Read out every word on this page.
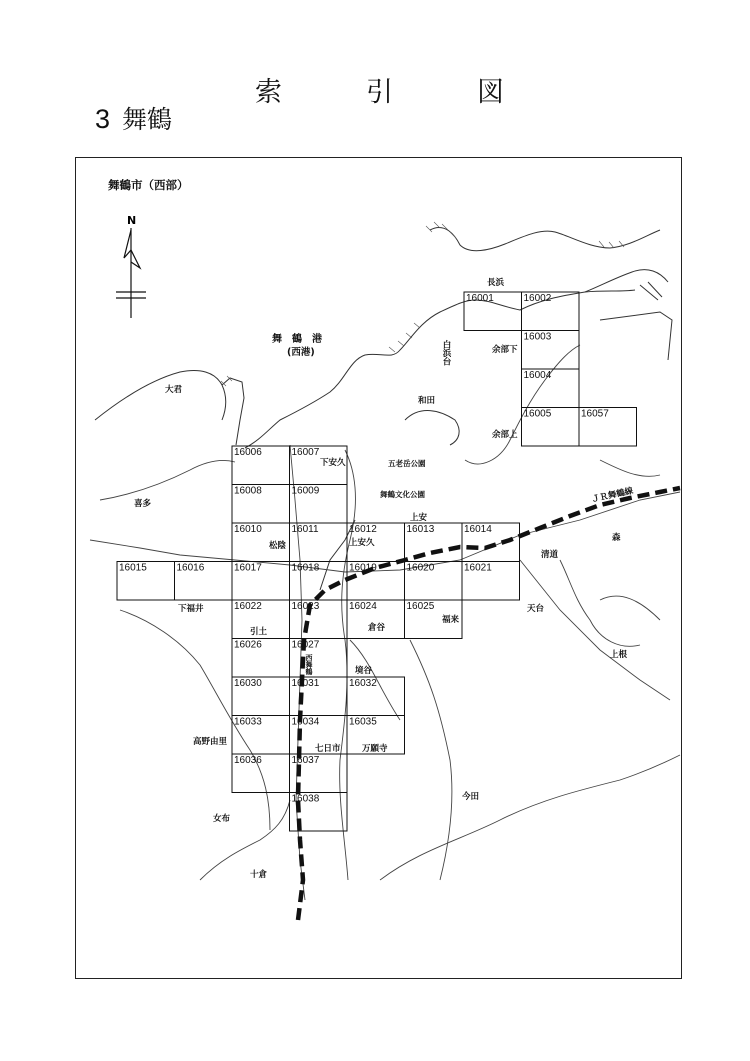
索	引	図
3 舞鶴
ＪＲ舞鶴線
N
舞鶴市（西部）
16001	16002
16003
16004
16005	16057
16006	16007
16008	16009
16010	16011	16012	16013	16014
16015	16016	16017	16018	16019	16020	16021
16022	16023	16024	16025
16026	16027
16030	16031	16032
16033	16034	16035
16036	16037
16038
舞　鶴　港
(西港)
長浜
白浜台	余部下
和田
余部上
大君
下安久	五老岳公園
舞鶴文化公園
喜多
上安
清道
森
松陰	上安久
下福井	天台
引土	倉谷
福来
上根
西舞鶴	境谷
高野由里
七日市	万願寺
今田
女布
十倉
